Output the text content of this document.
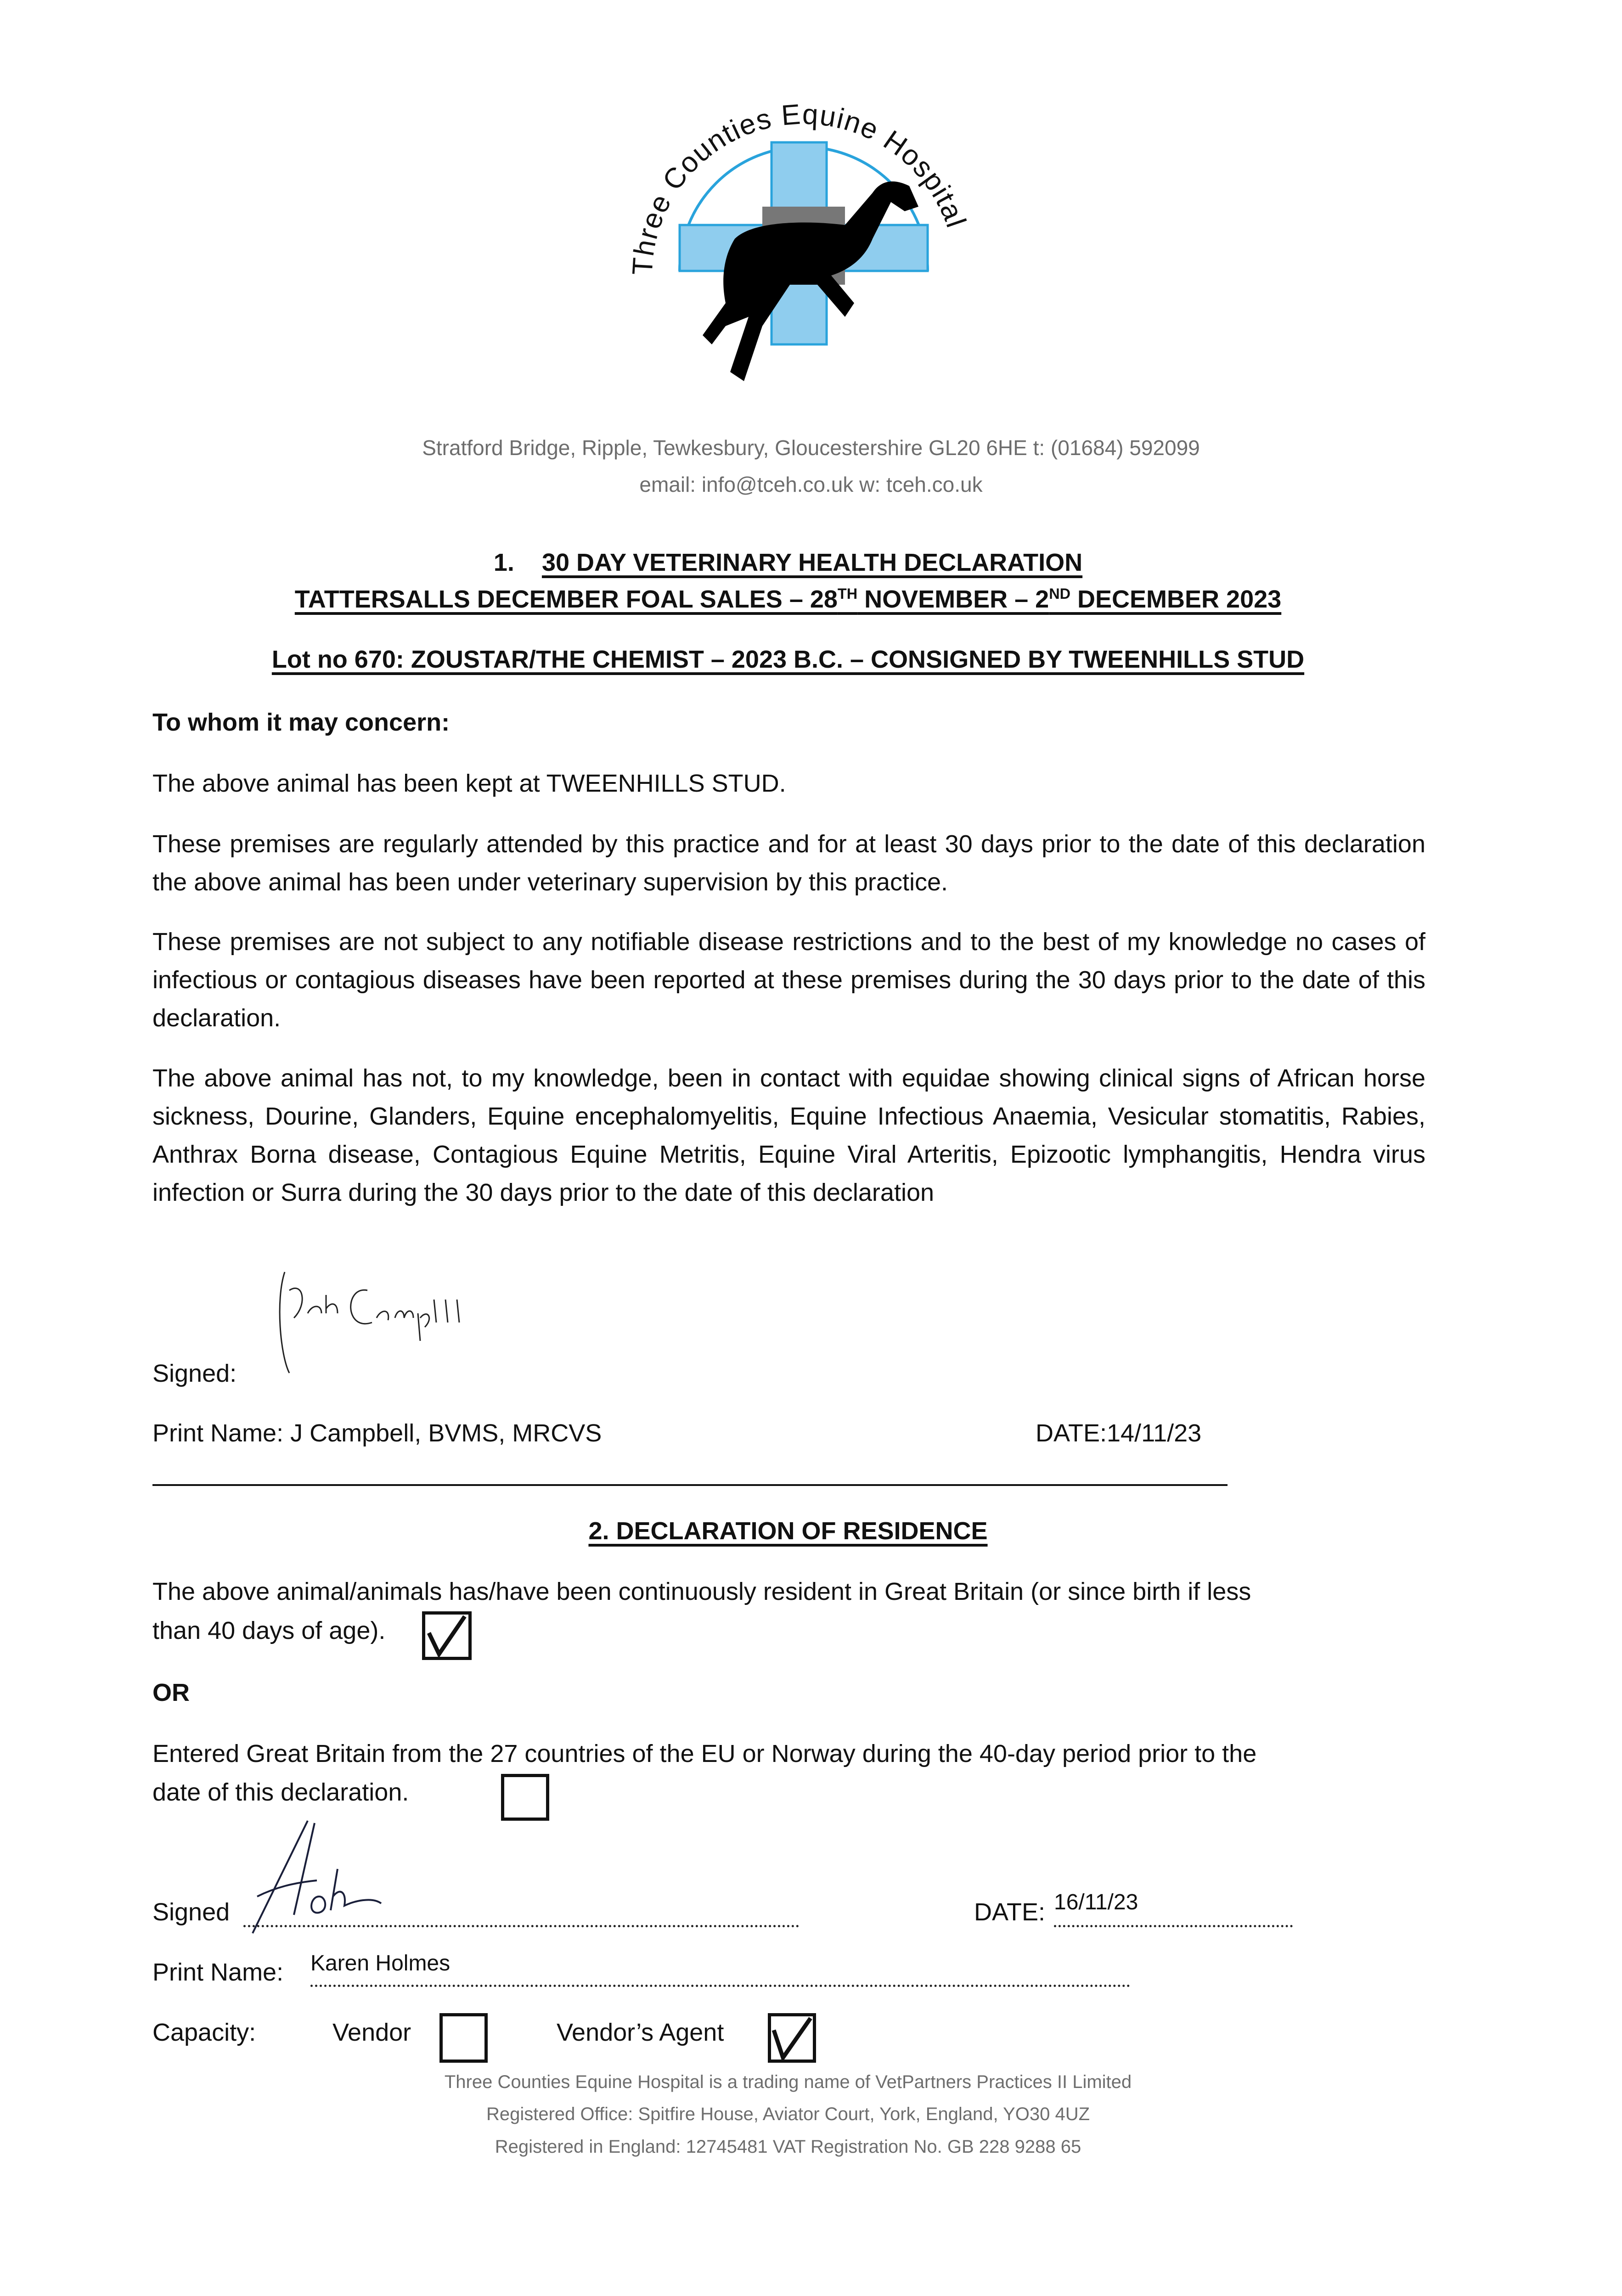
Three Counties Equine Hospital
Stratford Bridge, Ripple, Tewkesbury, Gloucestershire GL20 6HE t: (01684) 592099
email: info@tceh.co.uk w: tceh.co.uk
1. 30 DAY VETERINARY HEALTH DECLARATION
TATTERSALLS DECEMBER FOAL SALES – 28TH NOVEMBER – 2ND DECEMBER 2023
Lot no 670: ZOUSTAR/THE CHEMIST – 2023 B.C. – CONSIGNED BY TWEENHILLS STUD
To whom it may concern:
The above animal has been kept at TWEENHILLS STUD.
These premises are regularly attended by this practice and for at least 30 days prior to the date of this declaration the above animal has been under veterinary supervision by this practice.
These premises are not subject to any notifiable disease restrictions and to the best of my knowledge no cases of infectious or contagious diseases have been reported at these premises during the 30 days prior to the date of this declaration.
The above animal has not, to my knowledge, been in contact with equidae showing clinical signs of African horse sickness, Dourine, Glanders, Equine encephalomyelitis, Equine Infectious Anaemia, Vesicular stomatitis, Rabies, Anthrax Borna disease, Contagious Equine Metritis, Equine Viral Arteritis, Epizootic lymphangitis, Hendra virus infection or Surra during the 30 days prior to the date of this declaration
Signed:
Print Name: J Campbell, BVMS, MRCVS	DATE:14/11/23
2. DECLARATION OF RESIDENCE
The above animal/animals has/have been continuously resident in Great Britain (or since birth if less
than 40 days of age).
OR
Entered Great Britain from the 27 countries of the EU or Norway during the 40-day period prior to the
date of this declaration.
Signed	DATE: 16/11/23
Print Name: Karen Holmes
Capacity:	Vendor	Vendor’s Agent
Three Counties Equine Hospital is a trading name of VetPartners Practices II Limited
Registered Office: Spitfire House, Aviator Court, York, England, YO30 4UZ
Registered in England: 12745481 VAT Registration No. GB 228 9288 65
